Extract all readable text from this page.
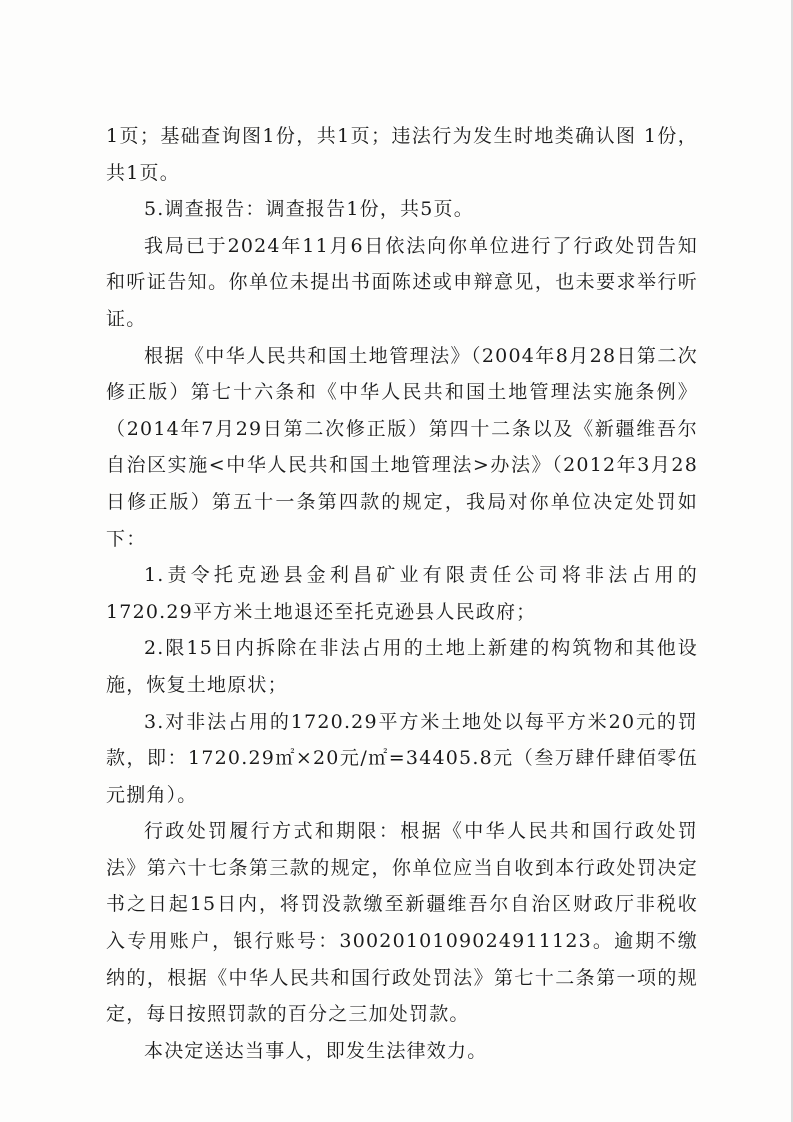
1页；基础查询图1份，共1页；违法行为发生时地类确认图 1份，共1页。

5.调查报告：调查报告1份，共5页。

我局已于2024年11月6日依法向你单位进行了行政处罚告知和听证告知。你单位未提出书面陈述或申辩意见，也未要求举行听证。

根据《中华人民共和国土地管理法》（2004年8月28日第二次修正版）第七十六条和《中华人民共和国土地管理法实施条例》（2014年7月29日第二次修正版）第四十二条以及《新疆维吾尔自治区实施<中华人民共和国土地管理法>办法》（2012年3月28日修正版）第五十一条第四款的规定，我局对你单位决定处罚如下：

1.责令托克逊县金利昌矿业有限责任公司将非法占用的1720.29平方米土地退还至托克逊县人民政府；

2.限15日内拆除在非法占用的土地上新建的构筑物和其他设施，恢复土地原状；

3.对非法占用的1720.29平方米土地处以每平方米20元的罚款，即：1720.29㎡×20元/㎡=34405.8元（叁万肆仟肆佰零伍元捌角）。

行政处罚履行方式和期限：根据《中华人民共和国行政处罚法》第六十七条第三款的规定，你单位应当自收到本行政处罚决定书之日起15日内，将罚没款缴至新疆维吾尔自治区财政厅非税收入专用账户，银行账号：3002010109024911123。逾期不缴纳的，根据《中华人民共和国行政处罚法》第七十二条第一项的规定，每日按照罚款的百分之三加处罚款。

本决定送达当事人，即发生法律效力。
